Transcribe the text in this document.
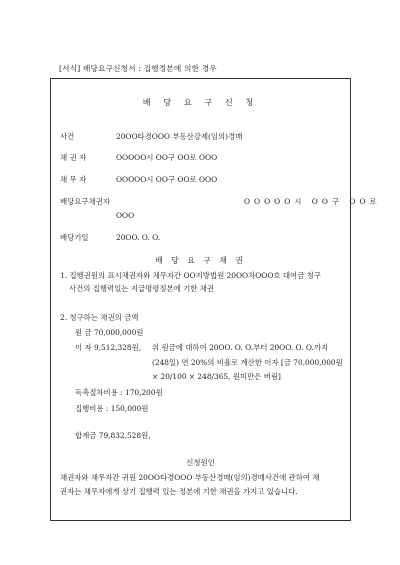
[서식] 배당요구신청서 : 집행정본에 의한 경우
배 당 요 구 신 청
사건	20OO타경OOO 부동산강제(임의)경매
채 권 자	OOOOO시 OO구 OO로 OOO
채 무 자	OOOOO시 OO구 OO로 OOO
배당요구채권자	OOOOO시 OO구 OO로
OOO
배당기일	20OO. O. O.
배 당 요 구 채 권
1. 집행권원의 표시채권자와 채무자간 OO지방법원 20OO차OOO호 대여금 청구
사건의 집행력있는 지급명령정본에 기한 채권
2. 청구하는 채권의 금액
원 금 70,000,000원
이 자 9,512,328원, 위 원금에 대하여 20OO. O. O.부터 20OO. O. O.까지
(248일) 연 20%의 비율로 계산한 이자 [금 70,000,000원
× 20/100 × 248/365, 원미만은 버림]
독촉절차비용 : 170,200원
집행비용 : 150,000원
합계금 79,832,528원,
신청원인
채권자와 채무자간 귀원 20OO타경OOO 부동산경매(임의)경매사건에 관하여 채
권자는 채무자에게 상기 집행력 있는 정본에 기한 채권을 가지고 있습니다.
